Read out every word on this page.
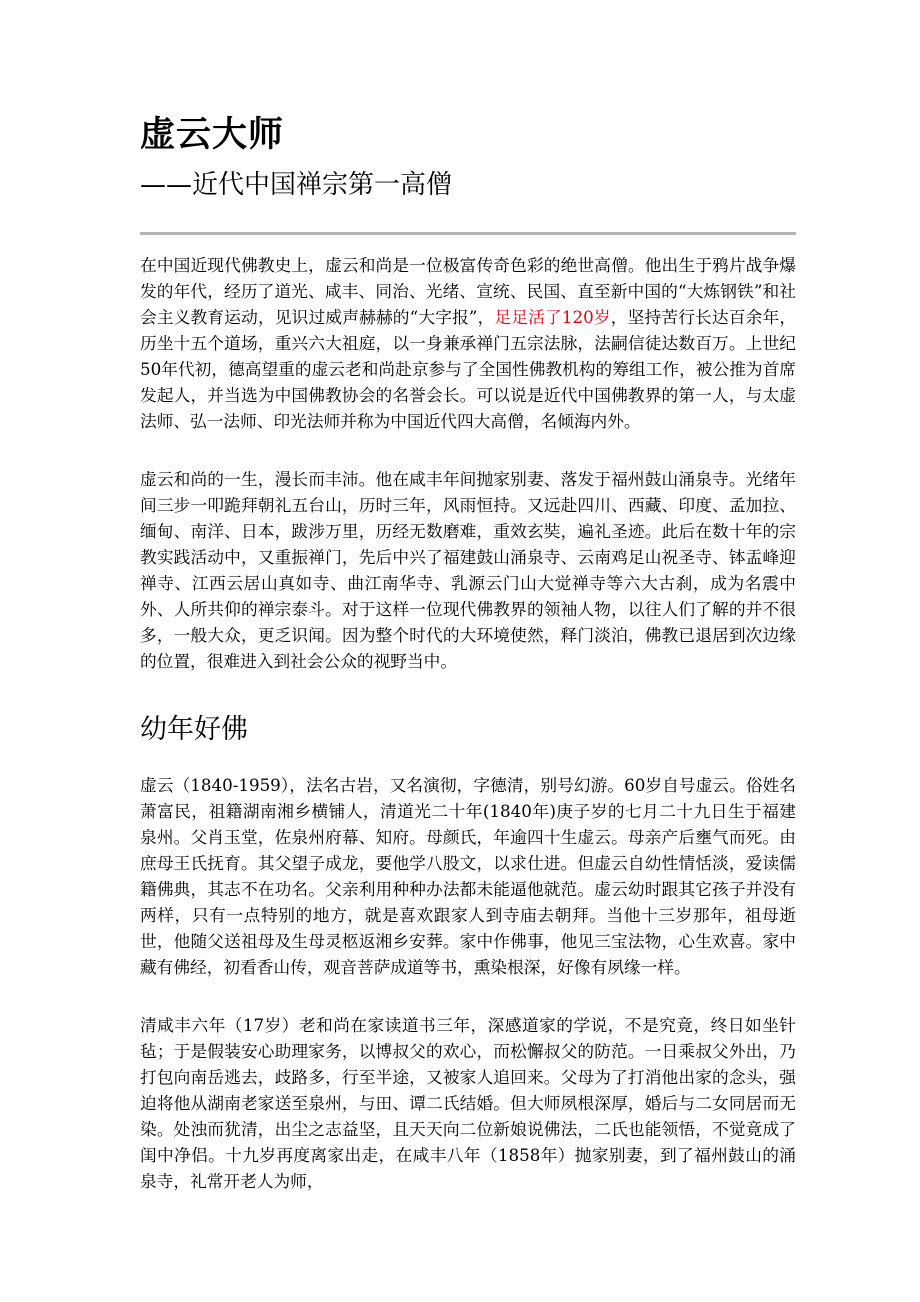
虚云大师
——近代中国禅宗第一高僧

在中国近现代佛教史上，虚云和尚是一位极富传奇色彩的绝世高僧。他出生于鸦片战争爆发的年代，经历了道光、咸丰、同治、光绪、宣统、民国、直至新中国的“大炼钢铁”和社会主义教育运动，见识过威声赫赫的“大字报”，足足活了120岁，坚持苦行长达百余年，历坐十五个道场，重兴六大祖庭，以一身兼承禅门五宗法脉，法嗣信徒达数百万。上世纪50年代初，德高望重的虚云老和尚赴京参与了全国性佛教机构的筹组工作，被公推为首席发起人，并当选为中国佛教协会的名誉会长。可以说是近代中国佛教界的第一人，与太虚法师、弘一法师、印光法师并称为中国近代四大高僧，名倾海内外。

虚云和尚的一生，漫长而丰沛。他在咸丰年间抛家别妻、落发于福州鼓山涌泉寺。光绪年间三步一叩跪拜朝礼五台山，历时三年，风雨恒持。又远赴四川、西藏、印度、孟加拉、缅甸、南洋、日本，跋涉万里，历经无数磨难，重效玄奘，遍礼圣迹。此后在数十年的宗教实践活动中，又重振禅门，先后中兴了福建鼓山涌泉寺、云南鸡足山祝圣寺、钵盂峰迎禅寺、江西云居山真如寺、曲江南华寺、乳源云门山大觉禅寺等六大古刹，成为名震中外、人所共仰的禅宗泰斗。对于这样一位现代佛教界的领袖人物，以往人们了解的并不很多，一般大众，更乏识闻。因为整个时代的大环境使然，释门淡泊，佛教已退居到次边缘的位置，很难进入到社会公众的视野当中。

幼年好佛

虚云（1840-1959），法名古岩，又名演彻，字德清，别号幻游。60岁自号虚云。俗姓名萧富民，祖籍湖南湘乡横铺人，清道光二十年(1840年)庚子岁的七月二十九日生于福建泉州。父肖玉堂，佐泉州府幕、知府。母颜氏，年逾四十生虚云。母亲产后壅气而死。由庶母王氏抚育。其父望子成龙，要他学八股文，以求仕进。但虚云自幼性情恬淡，爱读儒籍佛典，其志不在功名。父亲利用种种办法都未能逼他就范。虚云幼时跟其它孩子并没有两样，只有一点特别的地方，就是喜欢跟家人到寺庙去朝拜。当他十三岁那年，祖母逝世，他随父送祖母及生母灵柩返湘乡安葬。家中作佛事，他见三宝法物，心生欢喜。家中藏有佛经，初看香山传，观音菩萨成道等书，熏染根深，好像有夙缘一样。

清咸丰六年（17岁）老和尚在家读道书三年，深感道家的学说，不是究竟，终日如坐针毡；于是假装安心助理家务，以博叔父的欢心，而松懈叔父的防范。一日乘叔父外出，乃打包向南岳逃去，歧路多，行至半途，又被家人追回来。父母为了打消他出家的念头，强迫将他从湖南老家送至泉州，与田、谭二氏结婚。但大师夙根深厚，婚后与二女同居而无染。处浊而犹清，出尘之志益坚，且天天向二位新娘说佛法，二氏也能领悟，不觉竟成了闺中净侣。十九岁再度离家出走，在咸丰八年（1858年）抛家别妻，到了福州鼓山的涌泉寺，礼常开老人为师，
